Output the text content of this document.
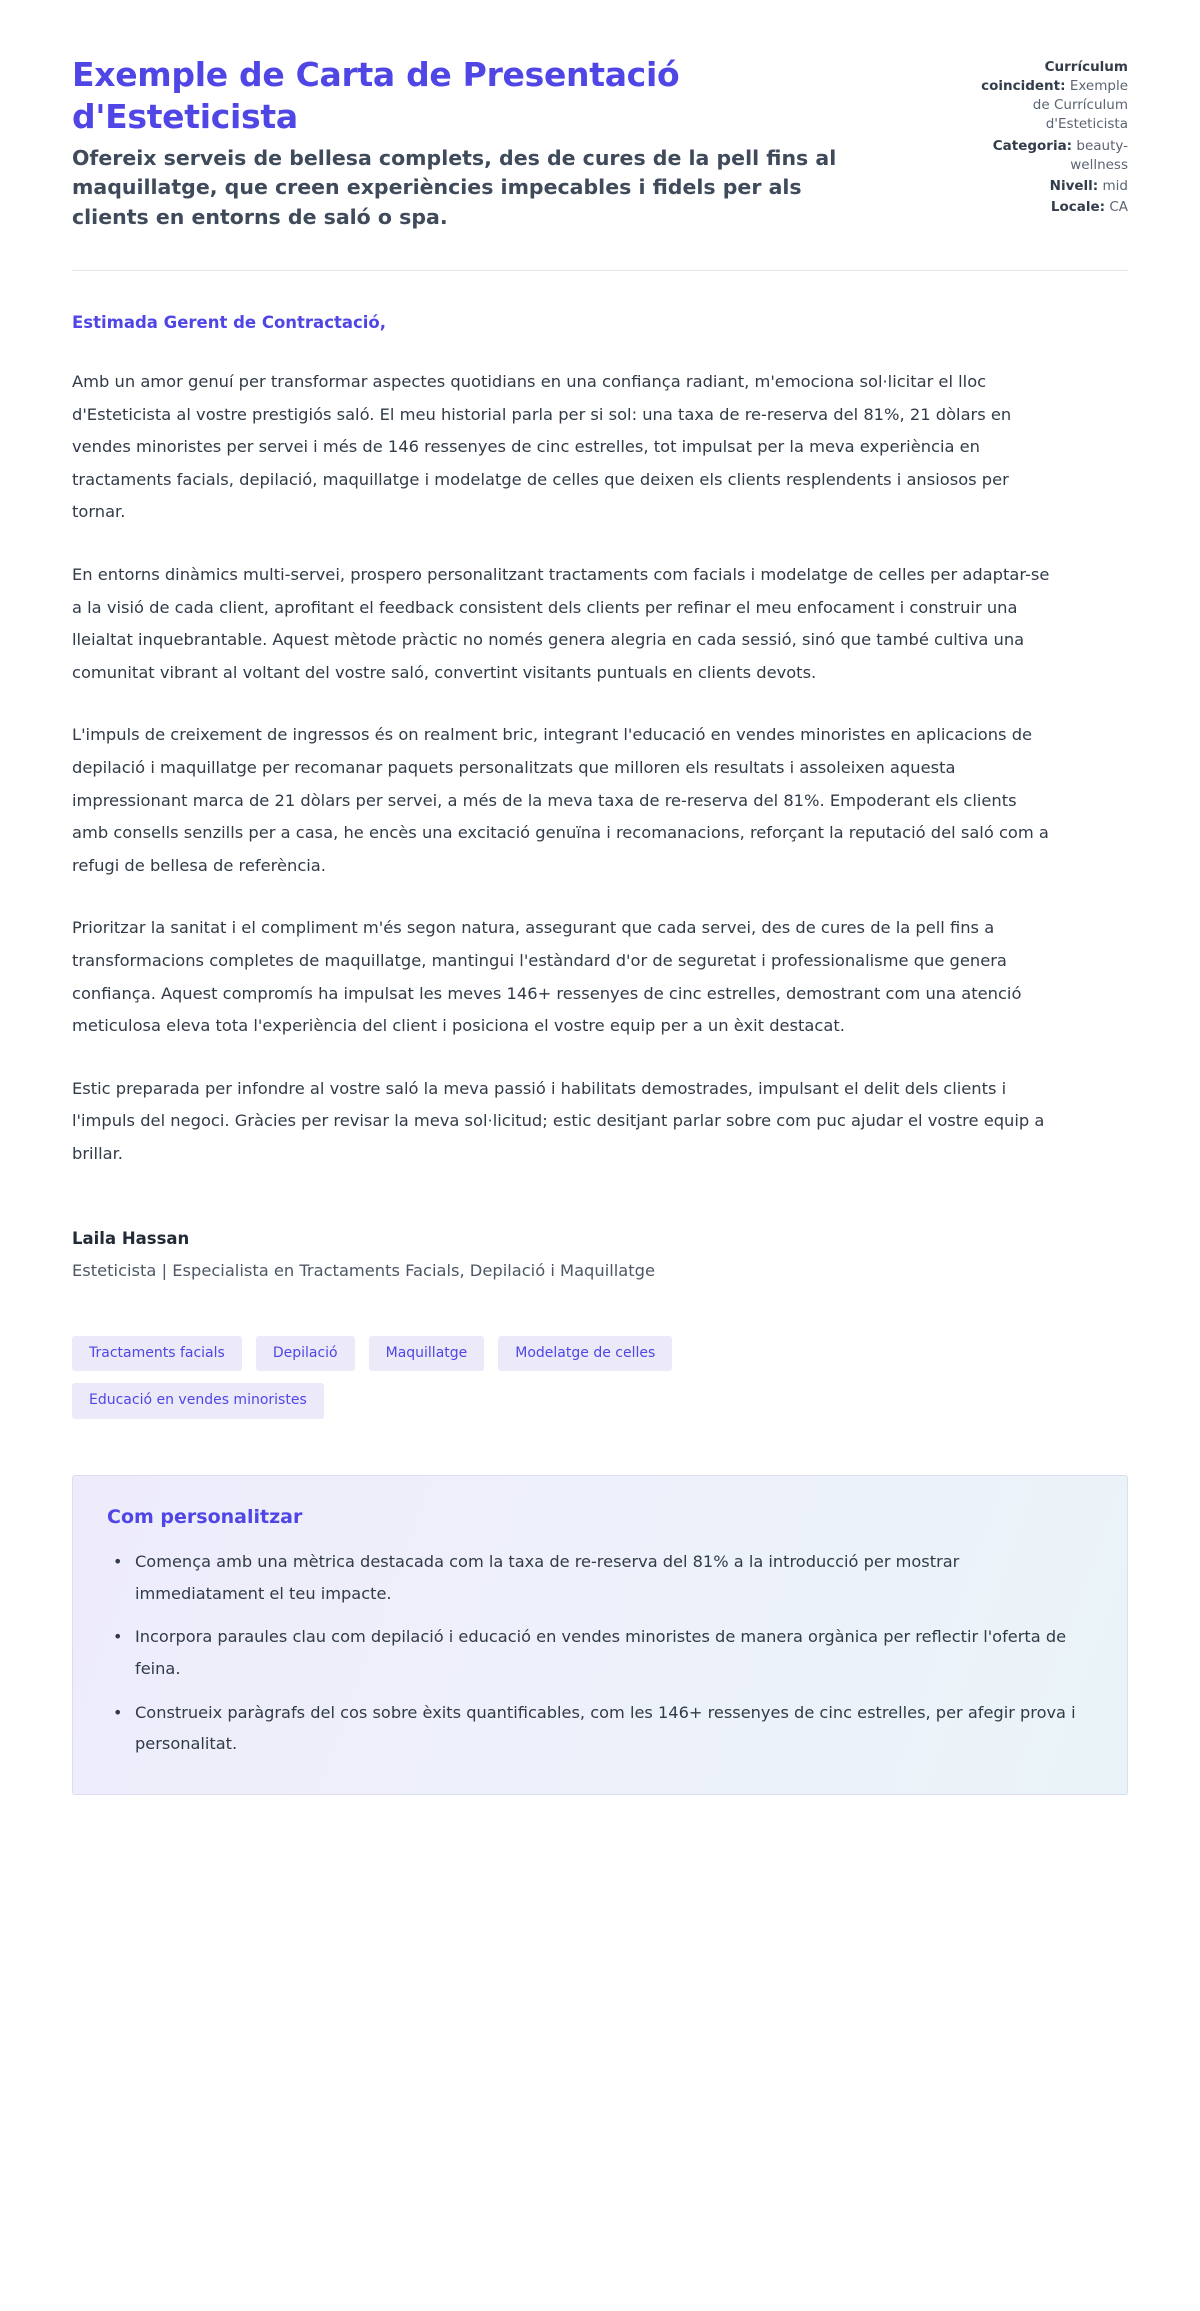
Exemple de Carta de Presentació d'Esteticista

Ofereix serveis de bellesa complets, des de cures de la pell fins al maquillatge, que creen experiències impecables i fidels per als clients en entorns de saló o spa.

Currículum coincident: Exemple de Currículum d'Esteticista
Categoria: beauty-wellness
Nivell: mid
Locale: CA
Estimada Gerent de Contractació,

Amb un amor genuí per transformar aspectes quotidians en una confiança radiant, m'emociona sol·licitar el lloc d'Esteticista al vostre prestigiós saló. El meu historial parla per si sol: una taxa de re-reserva del 81%, 21 dòlars en vendes minoristes per servei i més de 146 ressenyes de cinc estrelles, tot impulsat per la meva experiència en tractaments facials, depilació, maquillatge i modelatge de celles que deixen els clients resplendents i ansiosos per tornar.

En entorns dinàmics multi-servei, prospero personalitzant tractaments com facials i modelatge de celles per adaptar-se a la visió de cada client, aprofitant el feedback consistent dels clients per refinar el meu enfocament i construir una lleialtat inquebrantable. Aquest mètode pràctic no només genera alegria en cada sessió, sinó que també cultiva una comunitat vibrant al voltant del vostre saló, convertint visitants puntuals en clients devots.

L'impuls de creixement de ingressos és on realment bric, integrant l'educació en vendes minoristes en aplicacions de depilació i maquillatge per recomanar paquets personalitzats que milloren els resultats i assoleixen aquesta impressionant marca de 21 dòlars per servei, a més de la meva taxa de re-reserva del 81%. Empoderant els clients amb consells senzills per a casa, he encès una excitació genuïna i recomanacions, reforçant la reputació del saló com a refugi de bellesa de referència.

Prioritzar la sanitat i el compliment m'és segon natura, assegurant que cada servei, des de cures de la pell fins a transformacions completes de maquillatge, mantingui l'estàndard d'or de seguretat i professionalisme que genera confiança. Aquest compromís ha impulsat les meves 146+ ressenyes de cinc estrelles, demostrant com una atenció meticulosa eleva tota l'experiència del client i posiciona el vostre equip per a un èxit destacat.

Estic preparada per infondre al vostre saló la meva passió i habilitats demostrades, impulsant el delit dels clients i l'impuls del negoci. Gràcies per revisar la meva sol·licitud; estic desitjant parlar sobre com puc ajudar el vostre equip a brillar.

Laila Hassan
Esteticista | Especialista en Tractaments Facials, Depilació i Maquillatge
Tractaments facials	Depilació	Maquillatge	Modelatge de celles
Educació en vendes minoristes
Com personalitzar
• Comença amb una mètrica destacada com la taxa de re-reserva del 81% a la introducció per mostrar immediatament el teu impacte.
• Incorpora paraules clau com depilació i educació en vendes minoristes de manera orgànica per reflectir l'oferta de feina.
• Construeix paràgrafs del cos sobre èxits quantificables, com les 146+ ressenyes de cinc estrelles, per afegir prova i personalitat.
